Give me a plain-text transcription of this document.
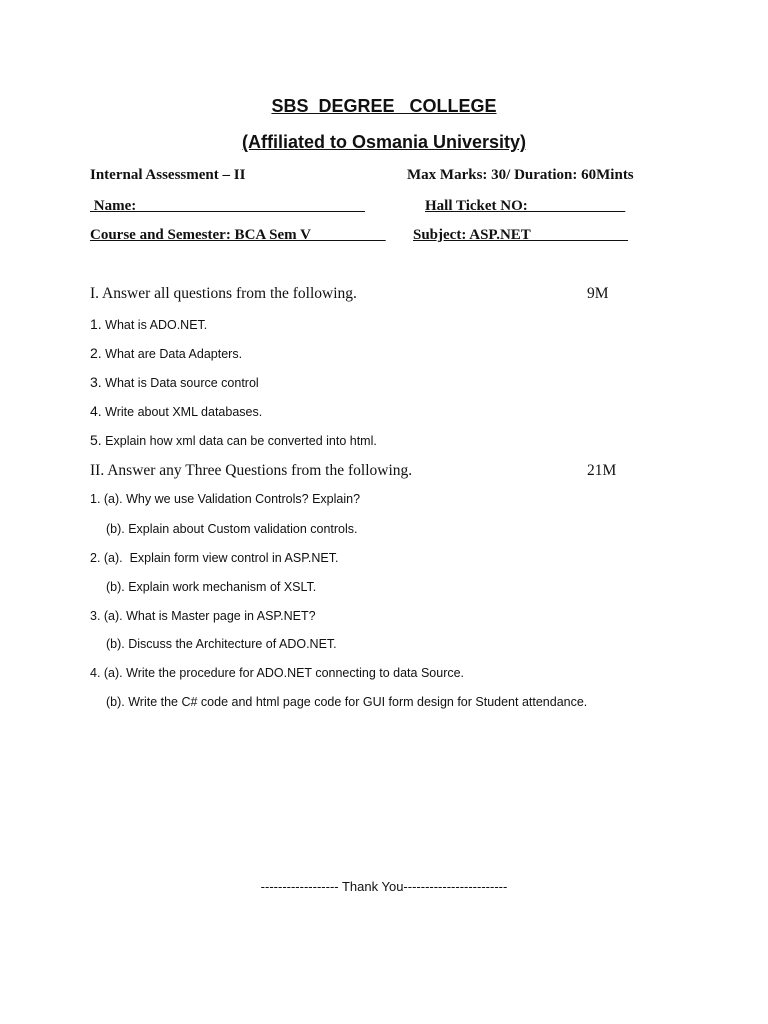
SBS  DEGREE   COLLEGE
(Affiliated to Osmania University)
Internal Assessment – II	Max Marks: 30/ Duration: 60Mints
Name:	Hall Ticket NO:
Course and Semester: BCA Sem V Subject: ASP.NET
I. Answer all questions from the following.	9M
1. What is ADO.NET.
2. What are Data Adapters.
3. What is Data source control
4. Write about XML databases.
5. Explain how xml data can be converted into html.
II. Answer any Three Questions from the following.	21M
1. (a). Why we use Validation Controls? Explain?
(b). Explain about Custom validation controls.
2. (a).  Explain form view control in ASP.NET.
(b). Explain work mechanism of XSLT.
3. (a). What is Master page in ASP.NET?
(b). Discuss the Architecture of ADO.NET.
4. (a). Write the procedure for ADO.NET connecting to data Source.
(b). Write the C# code and html page code for GUI form design for Student attendance.
------------------ Thank You------------------------
